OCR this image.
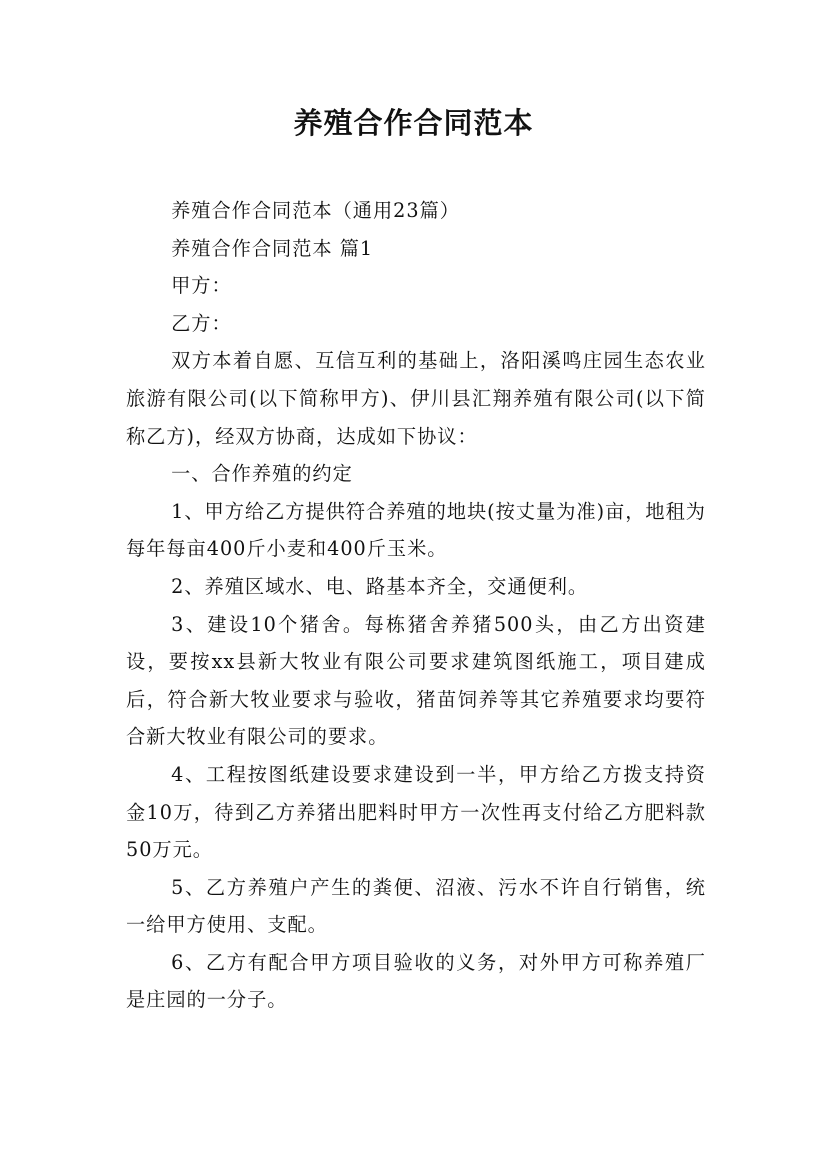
养殖合作合同范本

养殖合作合同范本（通用23篇）

养殖合作合同范本 篇1

甲方：

乙方：

双方本着自愿、互信互利的基础上，洛阳溪鸣庄园生态农业旅游有限公司(以下简称甲方)、伊川县汇翔养殖有限公司(以下简称乙方)，经双方协商，达成如下协议：

一、合作养殖的约定

1、甲方给乙方提供符合养殖的地块(按丈量为准)亩，地租为每年每亩400斤小麦和400斤玉米。

2、养殖区域水、电、路基本齐全，交通便利。

3、建设10个猪舍。每栋猪舍养猪500头，由乙方出资建设，要按xx县新大牧业有限公司要求建筑图纸施工，项目建成后，符合新大牧业要求与验收，猪苗饲养等其它养殖要求均要符合新大牧业有限公司的要求。

4、工程按图纸建设要求建设到一半，甲方给乙方拨支持资金10万，待到乙方养猪出肥料时甲方一次性再支付给乙方肥料款50万元。

5、乙方养殖户产生的粪便、沼液、污水不许自行销售，统一给甲方使用、支配。

6、乙方有配合甲方项目验收的义务，对外甲方可称养殖厂是庄园的一分子。
